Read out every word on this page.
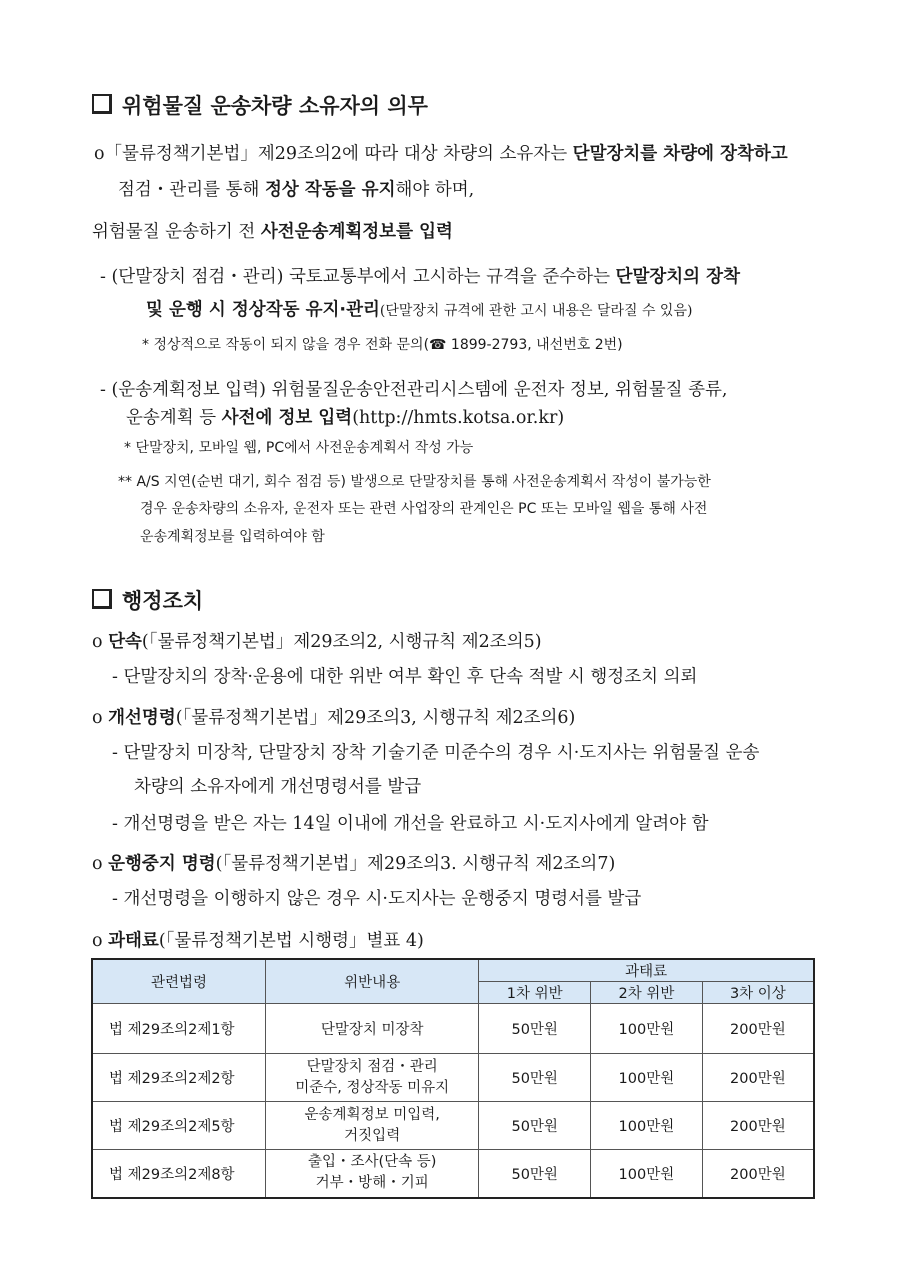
위험물질 운송차량 소유자의 의무
o「물류정책기본법」제29조의2에 따라 대상 차량의 소유자는 단말장치를 차량에 장착하고
점검・관리를 통해 정상 작동을 유지해야 하며,
위험물질 운송하기 전 사전운송계획정보를 입력
- (단말장치 점검・관리) 국토교통부에서 고시하는 규격을 준수하는 단말장치의 장착
및 운행 시 정상작동 유지·관리(단말장치 규격에 관한 고시 내용은 달라질 수 있음)
* 정상적으로 작동이 되지 않을 경우 전화 문의(☎ 1899-2793, 내선번호 2번)
- (운송계획정보 입력) 위험물질운송안전관리시스템에 운전자 정보, 위험물질 종류,
운송계획 등 사전에 정보 입력(http://hmts.kotsa.or.kr)
* 단말장치, 모바일 웹, PC에서 사전운송계획서 작성 가능
** A/S 지연(순번 대기, 회수 점검 등) 발생으로 단말장치를 통해 사전운송계획서 작성이 불가능한
경우 운송차량의 소유자, 운전자 또는 관련 사업장의 관계인은 PC 또는 모바일 웹을 통해 사전
운송계획정보를 입력하여야 함
행정조치
o 단속(「물류정책기본법」제29조의2, 시행규칙 제2조의5)
- 단말장치의 장착·운용에 대한 위반 여부 확인 후 단속 적발 시 행정조치 의뢰
o 개선명령(「물류정책기본법」제29조의3, 시행규칙 제2조의6)
- 단말장치 미장착, 단말장치 장착 기술기준 미준수의 경우 시·도지사는 위험물질 운송
차량의 소유자에게 개선명령서를 발급
- 개선명령을 받은 자는 14일 이내에 개선을 완료하고 시·도지사에게 알려야 함
o 운행중지 명령(「물류정책기본법」제29조의3. 시행규칙 제2조의7)
- 개선명령을 이행하지 않은 경우 시·도지사는 운행중지 명령서를 발급
o 과태료(「물류정책기본법 시행령」별표 4)
관련법령	위반내용	과태료		
		1차 위반	2차 위반	3차 이상
법 제29조의2제1항	단말장치 미장착	50만원	100만원	200만원
법 제29조의2제2항	단말장치 점검・관리
미준수, 정상작동 미유지	50만원	100만원	200만원
법 제29조의2제5항	운송계획정보 미입력,
거짓입력	50만원	100만원	200만원
법 제29조의2제8항	출입・조사(단속 등)
거부・방해・기피	50만원	100만원	200만원
